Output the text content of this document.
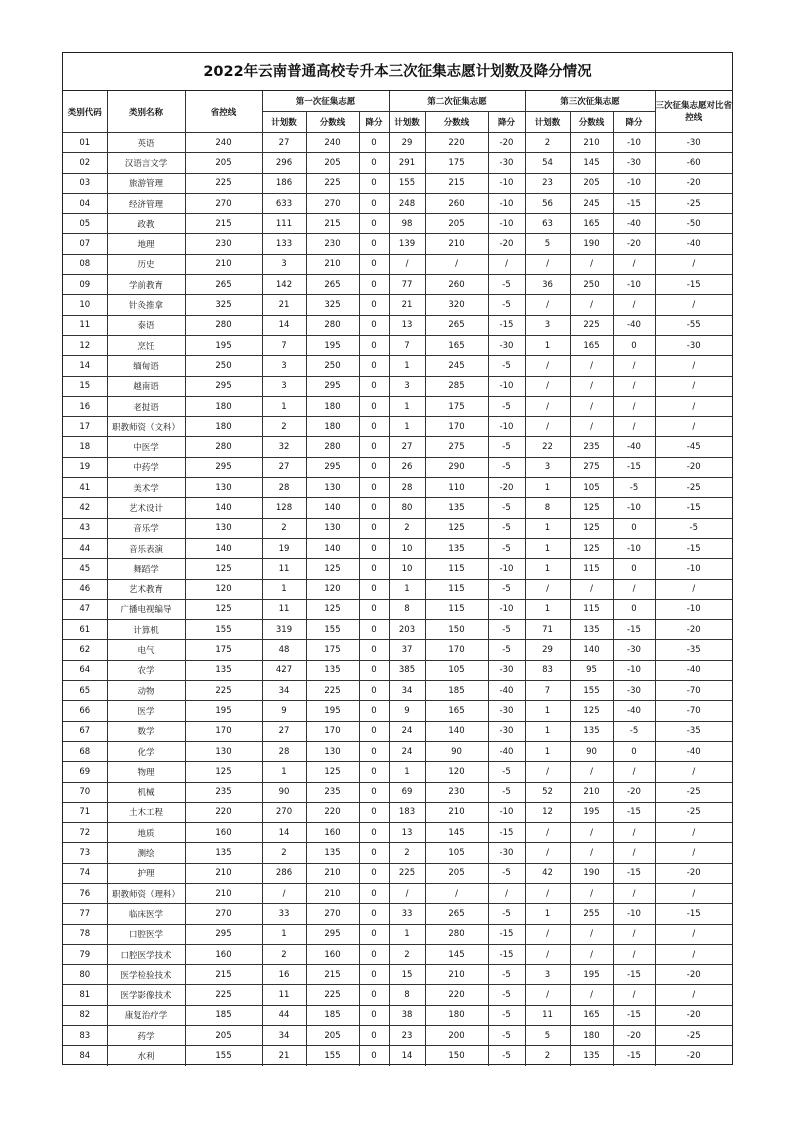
2022年云南普通高校专升本三次征集志愿计划数及降分情况
类别代码	类别名称	省控线	第一次征集志愿			第二次征集志愿			第三次征集志愿			三次征集志愿对比省控线
			计划数	分数线	降分	计划数	分数线	降分	计划数	分数线	降分	
01	英语	240	27	240	0	29	220	-20	2	210	-10	-30
02	汉语言文学	205	296	205	0	291	175	-30	54	145	-30	-60
03	旅游管理	225	186	225	0	155	215	-10	23	205	-10	-20
04	经济管理	270	633	270	0	248	260	-10	56	245	-15	-25
05	政教	215	111	215	0	98	205	-10	63	165	-40	-50
07	地理	230	133	230	0	139	210	-20	5	190	-20	-40
08	历史	210	3	210	0	/	/	/	/	/	/	/
09	学前教育	265	142	265	0	77	260	-5	36	250	-10	-15
10	针灸推拿	325	21	325	0	21	320	-5	/	/	/	/
11	泰语	280	14	280	0	13	265	-15	3	225	-40	-55
12	烹饪	195	7	195	0	7	165	-30	1	165	0	-30
14	缅甸语	250	3	250	0	1	245	-5	/	/	/	/
15	越南语	295	3	295	0	3	285	-10	/	/	/	/
16	老挝语	180	1	180	0	1	175	-5	/	/	/	/
17	职教师资（文科）	180	2	180	0	1	170	-10	/	/	/	/
18	中医学	280	32	280	0	27	275	-5	22	235	-40	-45
19	中药学	295	27	295	0	26	290	-5	3	275	-15	-20
41	美术学	130	28	130	0	28	110	-20	1	105	-5	-25
42	艺术设计	140	128	140	0	80	135	-5	8	125	-10	-15
43	音乐学	130	2	130	0	2	125	-5	1	125	0	-5
44	音乐表演	140	19	140	0	10	135	-5	1	125	-10	-15
45	舞蹈学	125	11	125	0	10	115	-10	1	115	0	-10
46	艺术教育	120	1	120	0	1	115	-5	/	/	/	/
47	广播电视编导	125	11	125	0	8	115	-10	1	115	0	-10
61	计算机	155	319	155	0	203	150	-5	71	135	-15	-20
62	电气	175	48	175	0	37	170	-5	29	140	-30	-35
64	农学	135	427	135	0	385	105	-30	83	95	-10	-40
65	动物	225	34	225	0	34	185	-40	7	155	-30	-70
66	医学	195	9	195	0	9	165	-30	1	125	-40	-70
67	数学	170	27	170	0	24	140	-30	1	135	-5	-35
68	化学	130	28	130	0	24	90	-40	1	90	0	-40
69	物理	125	1	125	0	1	120	-5	/	/	/	/
70	机械	235	90	235	0	69	230	-5	52	210	-20	-25
71	土木工程	220	270	220	0	183	210	-10	12	195	-15	-25
72	地质	160	14	160	0	13	145	-15	/	/	/	/
73	测绘	135	2	135	0	2	105	-30	/	/	/	/
74	护理	210	286	210	0	225	205	-5	42	190	-15	-20
76	职教师资（理科）	210	/	210	0	/	/	/	/	/	/	/
77	临床医学	270	33	270	0	33	265	-5	1	255	-10	-15
78	口腔医学	295	1	295	0	1	280	-15	/	/	/	/
79	口腔医学技术	160	2	160	0	2	145	-15	/	/	/	/
80	医学检验技术	215	16	215	0	15	210	-5	3	195	-15	-20
81	医学影像技术	225	11	225	0	8	220	-5	/	/	/	/
82	康复治疗学	185	44	185	0	38	180	-5	11	165	-15	-20
83	药学	205	34	205	0	23	200	-5	5	180	-20	-25
84	水利	155	21	155	0	14	150	-5	2	135	-15	-20
